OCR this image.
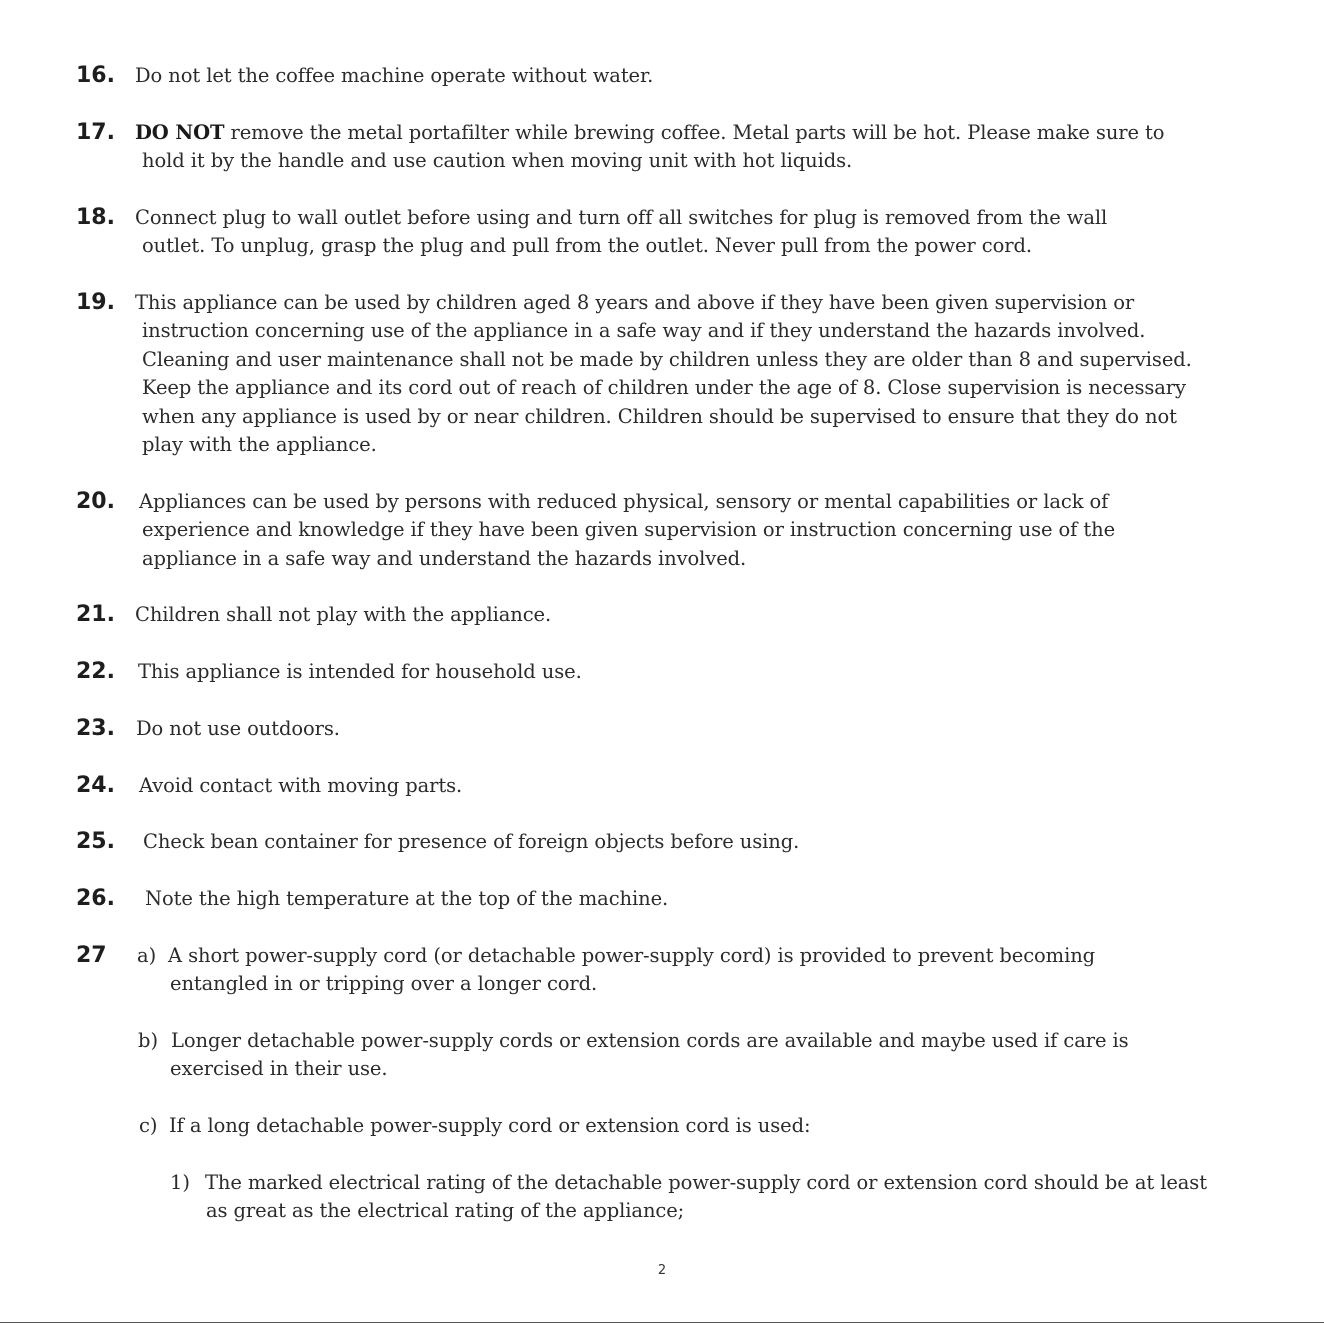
16. Do not let the coffee machine operate without water.
17. DO NOT remove the metal portafilter while brewing coffee. Metal parts will be hot. Please make sure to
hold it by the handle and use caution when moving unit with hot liquids.
18. Connect plug to wall outlet before using and turn off all switches for plug is removed from the wall
outlet. To unplug, grasp the plug and pull from the outlet. Never pull from the power cord.
19. This appliance can be used by children aged 8 years and above if they have been given supervision or
instruction concerning use of the appliance in a safe way and if they understand the hazards involved.
Cleaning and user maintenance shall not be made by children unless they are older than 8 and supervised.
Keep the appliance and its cord out of reach of children under the age of 8. Close supervision is necessary
when any appliance is used by or near children. Children should be supervised to ensure that they do not
play with the appliance.
20. Appliances can be used by persons with reduced physical, sensory or mental capabilities or lack of
experience and knowledge if they have been given supervision or instruction concerning use of the
appliance in a safe way and understand the hazards involved.
21. Children shall not play with the appliance.
22. This appliance is intended for household use.
23. Do not use outdoors.
24. Avoid contact with moving parts.
25. Check bean container for presence of foreign objects before using.
26. Note the high temperature at the top of the machine.
27 a) A short power-supply cord (or detachable power-supply cord) is provided to prevent becoming
entangled in or tripping over a longer cord.
b) Longer detachable power-supply cords or extension cords are available and maybe used if care is
exercised in their use.
c) If a long detachable power-supply cord or extension cord is used:
1) The marked electrical rating of the detachable power-supply cord or extension cord should be at least
as great as the electrical rating of the appliance;
2
